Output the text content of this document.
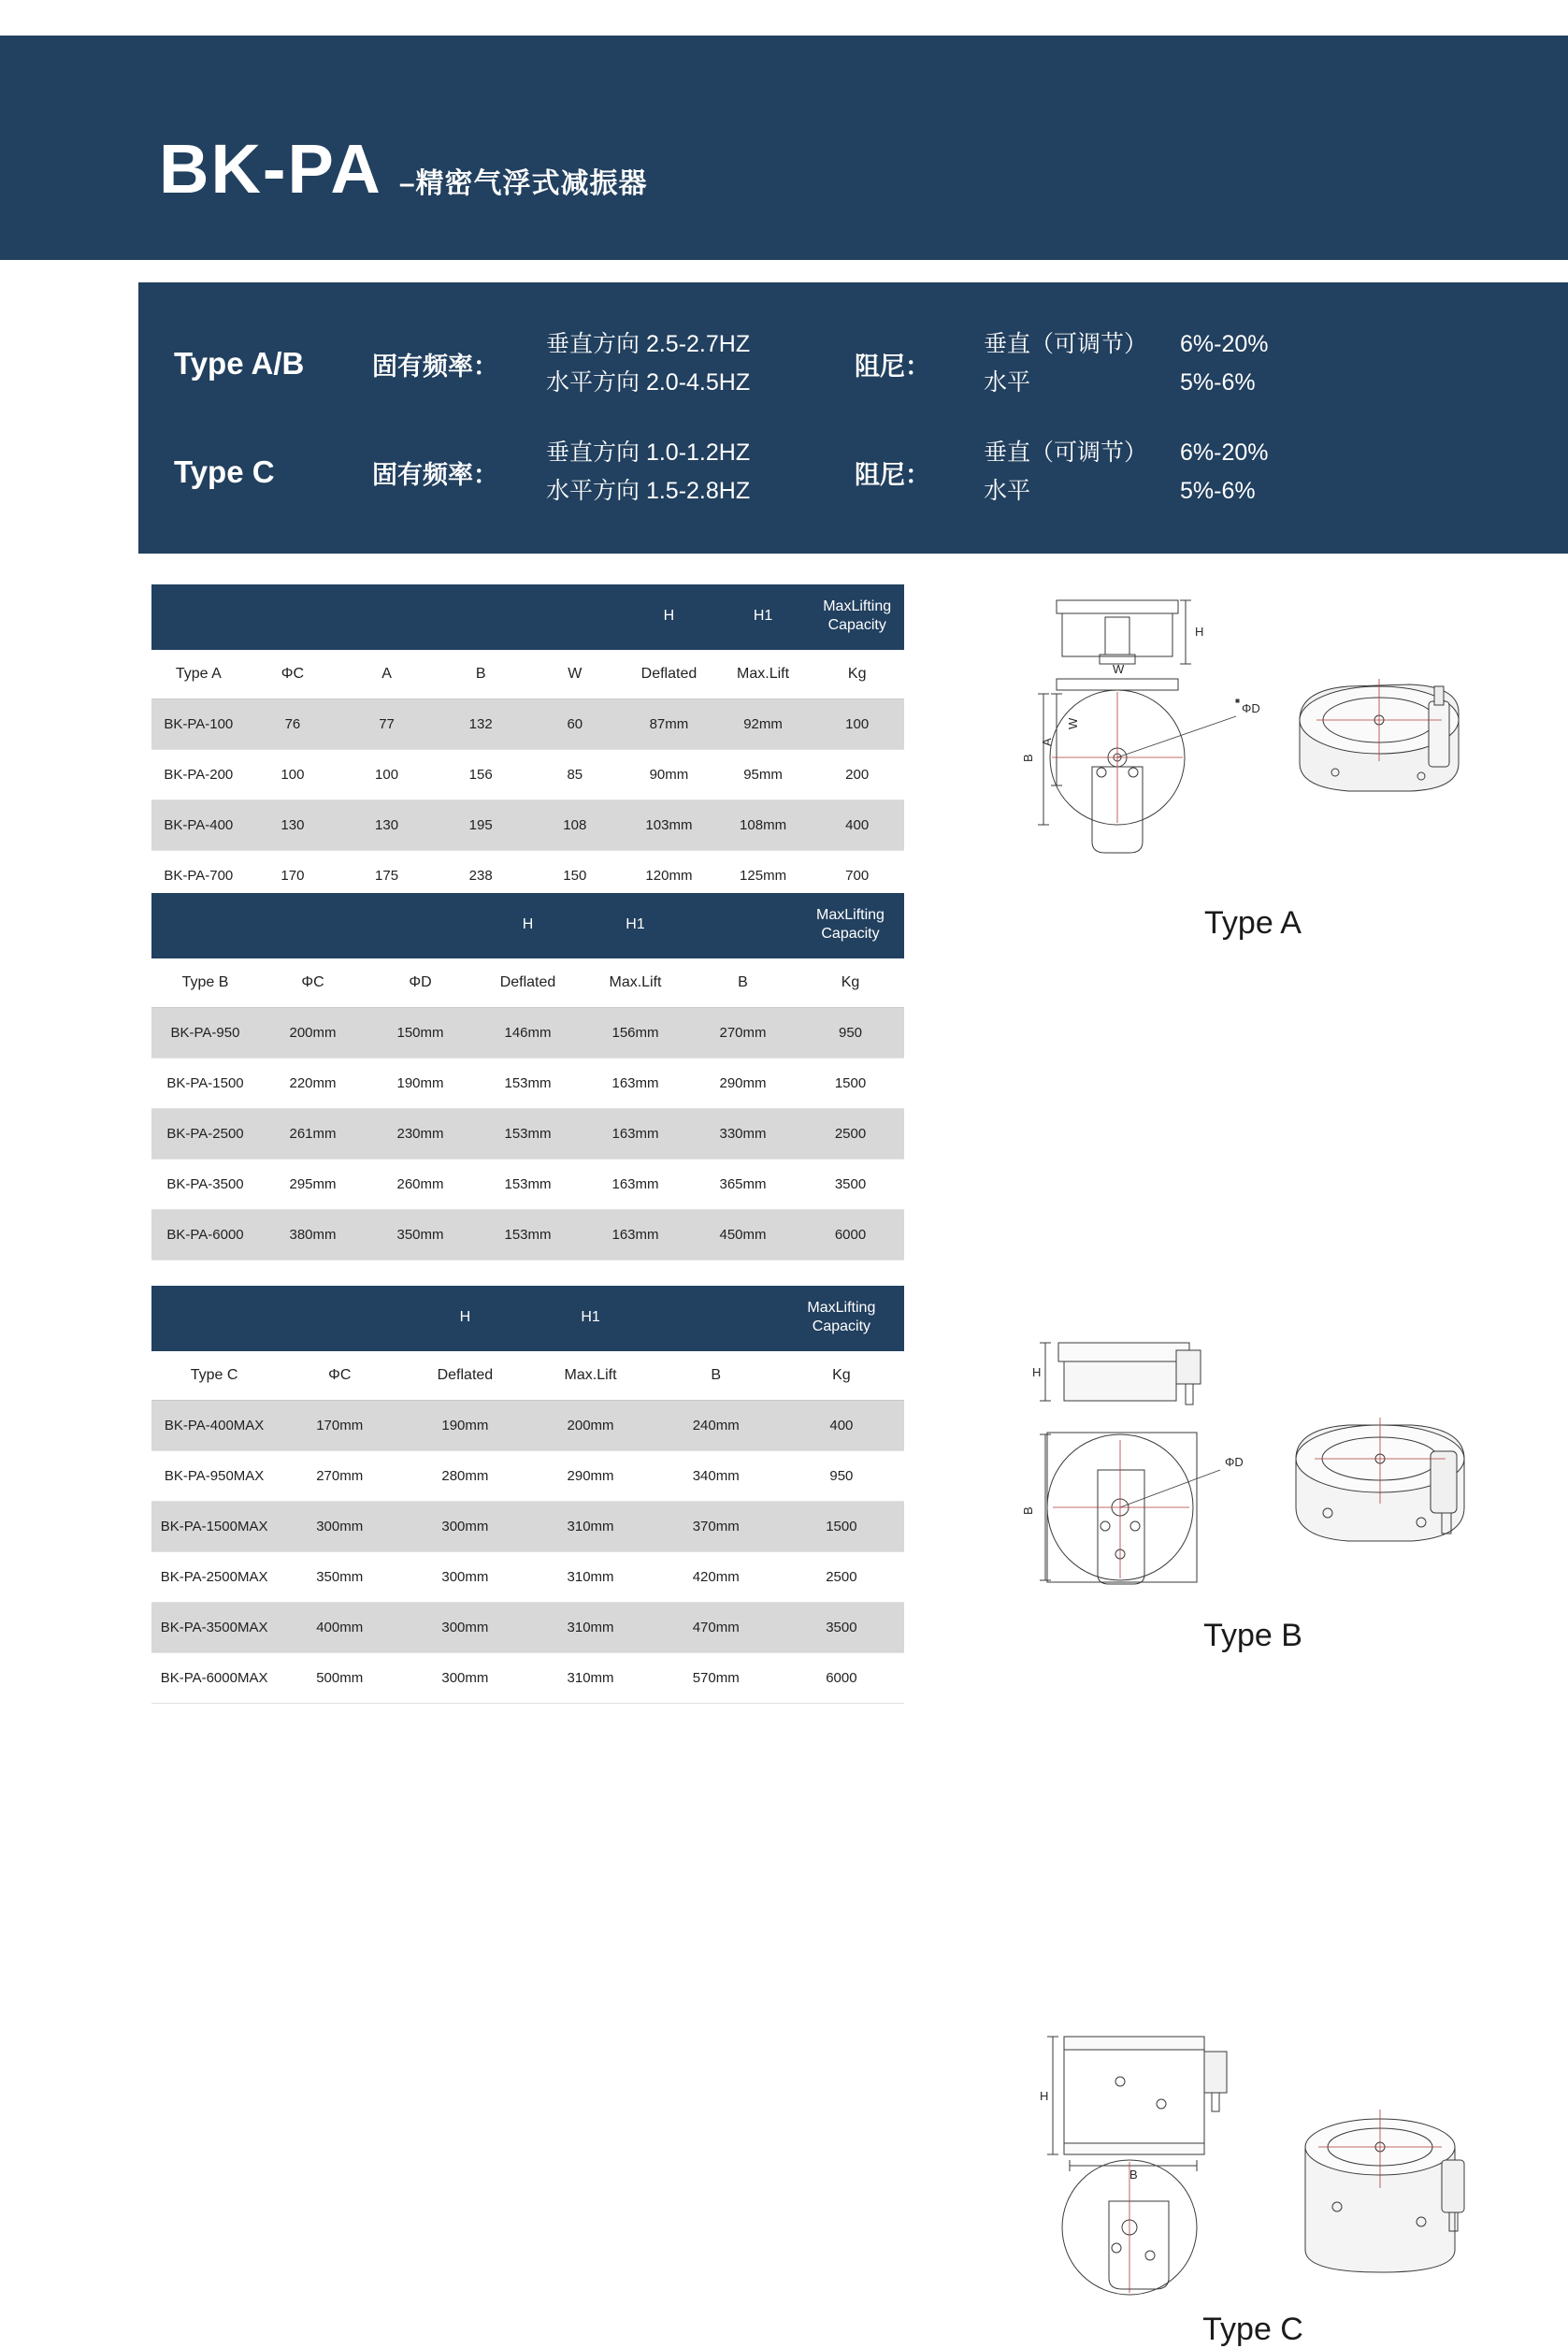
BK-PA –精密气浮式减振器
Type A/B	固有频率：
垂直方向 2.5-2.7HZ
水平方向 2.0-4.5HZ
阻尼：
垂直（可调节）	6%-20%
水平	5%-6%
Type C	固有频率：
垂直方向 1.0-1.2HZ
水平方向 1.5-2.8HZ
阻尼：
垂直（可调节）	6%-20%
水平	5%-6%
					H	H1	MaxLifting
Capacity
Type A	ΦC	A	B	W	Deflated	Max.Lift	Kg
BK-PA-100	76	77	132	60	87mm	92mm	100
BK-PA-200	100	100	156	85	90mm	95mm	200
BK-PA-400	130	130	195	108	103mm	108mm	400
BK-PA-700	170	175	238	150	120mm	125mm	700
			H	H1		MaxLifting
Capacity
Type B	ΦC	ΦD	Deflated	Max.Lift	B	Kg
BK-PA-950	200mm	150mm	146mm	156mm	270mm	950
BK-PA-1500	220mm	190mm	153mm	163mm	290mm	1500
BK-PA-2500	261mm	230mm	153mm	163mm	330mm	2500
BK-PA-3500	295mm	260mm	153mm	163mm	365mm	3500
BK-PA-6000	380mm	350mm	153mm	163mm	450mm	6000
		H	H1		MaxLifting
Capacity
Type C	ΦC	Deflated	Max.Lift	B	Kg
BK-PA-400MAX	170mm	190mm	200mm	240mm	400
BK-PA-950MAX	270mm	280mm	290mm	340mm	950
BK-PA-1500MAX	300mm	300mm	310mm	370mm	1500
BK-PA-2500MAX	350mm	300mm	310mm	420mm	2500
BK-PA-3500MAX	400mm	300mm	310mm	470mm	3500
BK-PA-6000MAX	500mm	300mm	310mm	570mm	6000
H
W
B
A
W
ΦD
Type A
H
B
ΦD
Type B
H
B
Type C
